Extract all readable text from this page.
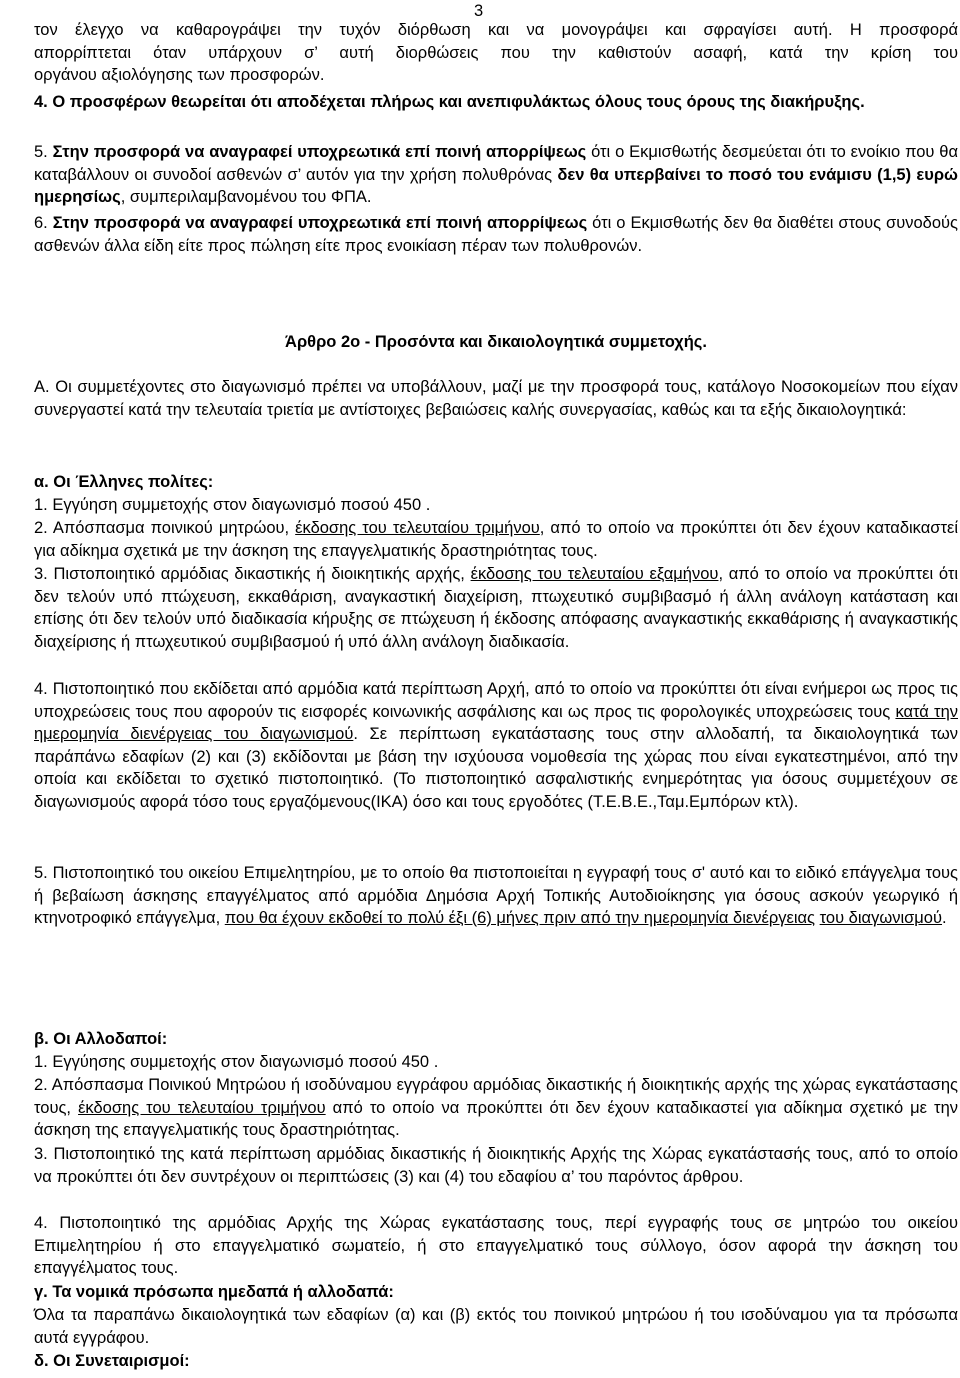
3

τον έλεγχο να καθαρογράψει την τυχόν διόρθωση και να μονογράψει και σφραγίσει αυτή. Η προσφορά

απορρίπτεται όταν υπάρχουν σ’ αυτή διορθώσεις που την καθιστούν ασαφή, κατά την κρίση του

οργάνου αξιολόγησης των προσφορών.

4. Ο προσφέρων θεωρείται ότι αποδέχεται πλήρως και ανεπιφυλάκτως όλους τους όρους της διακήρυξης.

5. Στην προσφορά να αναγραφεί υποχρεωτικά επί ποινή απορρίψεως ότι ο Εκμισθωτής δεσμεύεται ότι το ενοίκιο που θα καταβάλλουν οι συνοδοί ασθενών σ’ αυτόν για την χρήση πολυθρόνας δεν θα υπερβαίνει το ποσό του ενάμισυ (1,5) ευρώ ημερησίως, συμπεριλαμβανομένου του ΦΠΑ.

6. Στην προσφορά να αναγραφεί υποχρεωτικά επί ποινή απορρίψεως ότι ο Εκμισθωτής δεν θα διαθέτει στους συνοδούς ασθενών άλλα είδη είτε προς πώληση είτε προς ενοικίαση πέραν των πολυθρονών.

Άρθρο 2ο - Προσόντα και δικαιολογητικά συμμετοχής.
Α. Οι συμμετέχοντες στο διαγωνισμό πρέπει να υποβάλλουν, μαζί με την προσφορά τους, κατάλογο Νοσοκομείων που είχαν συνεργαστεί κατά την τελευταία τριετία με αντίστοιχες βεβαιώσεις καλής συνεργασίας, καθώς και τα εξής δικαιολογητικά:
α. Οι Έλληνες πολίτες:
1. Εγγύηση συμμετοχής στον διαγωνισμό ποσού 450 .

2. Απόσπασμα ποινικού μητρώου, έκδοσης του τελευταίου τριμήνου, από το οποίο να προκύπτει ότι δεν έχουν καταδικαστεί για αδίκημα σχετικά με την άσκηση της επαγγελματικής δραστηριότητας τους.

3. Πιστοποιητικό αρμόδιας δικαστικής ή διοικητικής αρχής, έκδοσης του τελευταίου εξαμήνου, από το οποίο να προκύπτει ότι δεν τελούν υπό πτώχευση, εκκαθάριση, αναγκαστική διαχείριση, πτωχευτικό συμβιβασμό ή άλλη ανάλογη κατάσταση και επίσης ότι δεν τελούν υπό διαδικασία κήρυξης σε πτώχευση ή έκδοσης απόφασης αναγκαστικής εκκαθάρισης ή αναγκαστικής διαχείρισης ή πτωχευτικού συμβιβασμού ή υπό άλλη ανάλογη διαδικασία.

4. Πιστοποιητικό που εκδίδεται από αρμόδια κατά περίπτωση Αρχή, από το οποίο να προκύπτει ότι είναι ενήμεροι ως προς τις υποχρεώσεις τους που αφορούν τις εισφορές κοινωνικής ασφάλισης και ως προς τις φορολογικές υποχρεώσεις τους κατά την ημερομηνία διενέργειας του διαγωνισμού. Σε περίπτωση εγκατάστασης τους στην αλλοδαπή, τα δικαιολογητικά των παράπάνω εδαφίων (2) και (3) εκδίδονται με βάση την ισχύουσα νομοθεσία της χώρας που είναι εγκατεστημένοι, από την οποία και εκδίδεται το σχετικό πιστοποιητικό. (Το πιστοποιητικό ασφαλιστικής ενημερότητας για όσους συμμετέχουν σε διαγωνισμούς αφορά τόσο τους εργαζόμενους(ΙΚΑ) όσο και τους εργοδότες (Τ.Ε.Β.Ε.,Ταμ.Εμπόρων κτλ).

5. Πιστοποιητικό του οικείου Επιμελητηρίου, με το οποίο θα πιστοποιείται η εγγραφή τους σ' αυτό και το ειδικό επάγγελμα τους ή βεβαίωση άσκησης επαγγέλματος από αρμόδια Δημόσια Αρχή Τοπικής Αυτοδιοίκησης για όσους ασκούν γεωργικό ή κτηνοτροφικό επάγγελμα, που θα έχουν εκδοθεί το πολύ έξι (6) μήνες πριν από την ημερομηνία διενέργειας του διαγωνισμού.

β. Οι Αλλοδαποί:
1. Εγγύησης συμμετοχής στον διαγωνισμό ποσού 450 .

2. Απόσπασμα Ποινικού Μητρώου ή ισοδύναμου εγγράφου αρμόδιας δικαστικής ή διοικητικής αρχής της χώρας εγκατάστασης τους, έκδοσης του τελευταίου τριμήνου από το οποίο να προκύπτει ότι δεν έχουν καταδικαστεί για αδίκημα σχετικό με την άσκηση της επαγγελματικής τους δραστηριότητας.

3. Πιστοποιητικό της κατά περίπτωση αρμόδιας δικαστικής ή διοικητικής Αρχής της Χώρας εγκατάστασής τους, από το οποίο να προκύπτει ότι δεν συντρέχουν οι περιπτώσεις (3) και (4) του εδαφίου α’ του παρόντος άρθρου.

4. Πιστοποιητικό της αρμόδιας Αρχής της Χώρας εγκατάστασης τους, περί εγγραφής τους σε μητρώο του οικείου Επιμελητηρίου ή στο επαγγελματικό σωματείο, ή στο επαγγελματικό τους σύλλογο, όσον αφορά την άσκηση του επαγγέλματος τους.

γ. Τα νομικά πρόσωπα ημεδαπά ή αλλοδαπά:
Όλα τα παραπάνω δικαιολογητικά των εδαφίων (α) και (β) εκτός του ποινικού μητρώου ή του ισοδύναμου για τα πρόσωπα αυτά εγγράφου.
δ. Οι Συνεταιρισμοί:
